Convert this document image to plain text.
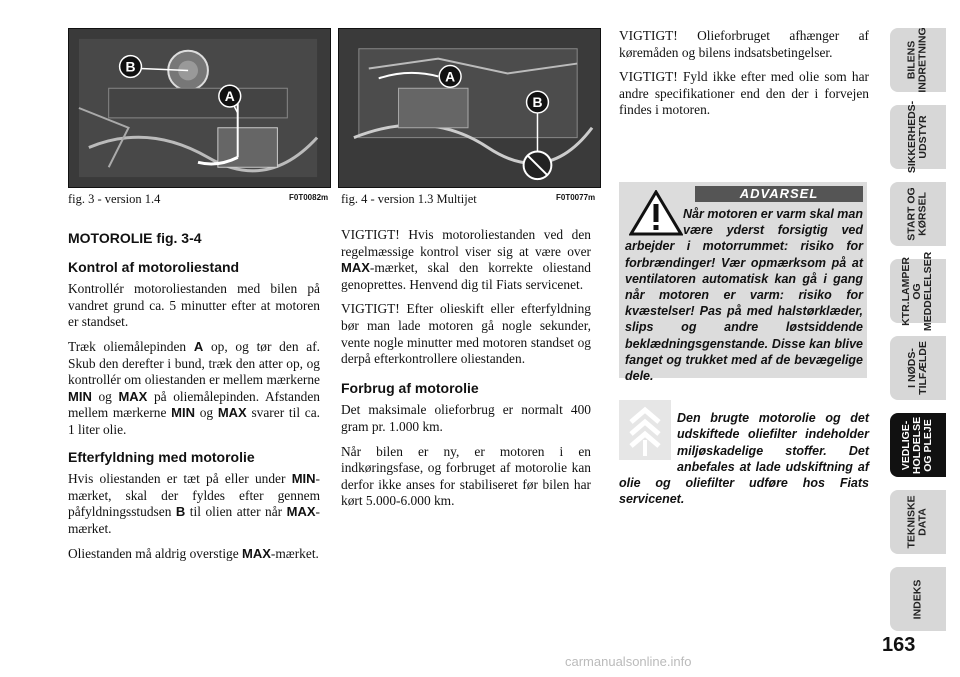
B
A
fig. 3 - version 1.4	F0T0082m
A
B
fig. 4 - version 1.3 Multijet	F0T0077m
MOTOROLIE fig. 3-4
Kontrol af motoroliestand

Kontrollér motoroliestanden med bilen på vandret grund ca. 5 minutter efter at motoren er standset.

Træk oliemålepinden A op, og tør den af. Skub den derefter i bund, træk den atter op, og kontrollér om oliestanden er mellem mærkerne MIN og MAX på oliemålepinden. Afstanden mellem mærkerne MIN og MAX svarer til ca. 1 liter olie.

Efterfyldning med motorolie

Hvis oliestanden er tæt på eller under MIN-mærket, skal der fyldes efter gennem påfyldningsstudsen B til olien atter når MAX-mærket.

Oliestanden må aldrig overstige MAX-mærket.

VIGTIGT! Hvis motoroliestanden ved den regelmæssige kontrol viser sig at være over MAX-mærket, skal den korrekte oliestand genoprettes. Henvend dig til Fiats servicenet.

VIGTIGT! Efter olieskift eller efterfyldning bør man lade motoren gå nogle sekunder, vente nogle minutter med motoren standset og derpå efterkontrollere oliestanden.

Forbrug af motorolie

Det maksimale olieforbrug er normalt 400 gram pr. 1.000 km.

Når bilen er ny, er motoren i en indkøringsfase, og forbruget af motorolie kan derfor ikke anses for stabiliseret før bilen har kørt 5.000-6.000 km.

VIGTIGT! Olieforbruget afhænger af køremåden og bilens indsatsbetingelser.

VIGTIGT! Fyld ikke efter med olie som har andre specifikationer end den der i forvejen findes i motoren.

ADVARSEL
Når motoren er varm skal man være yderst forsigtig ved arbejder i motorrummet: risiko for forbrændinger! Vær opmærksom på at ventilatoren automatisk kan gå i gang når motoren er varm: risiko for kvæstelser! Pas på med halstørklæder, slips og andre løstsiddende beklædningsgenstande. Disse kan blive fanget og trukket med af de bevægelige dele.
Den brugte motorolie og det udskiftede oliefilter indeholder miljøskadelige stoffer. Det anbefales at lade udskiftning af olie og oliefilter udføre hos Fiats servicenet.
BILENS
INDRETNING
SIKKERHEDS-
UDSTYR
START OG
KØRSEL
KTR.LAMPER
OG
MEDDELELSER
I NØDS-
TILFÆLDE
VEDLIGE-
HOLDELSE
OG PLEJE
TEKNISKE
DATA
INDEKS
163
carmanualsonline.info
